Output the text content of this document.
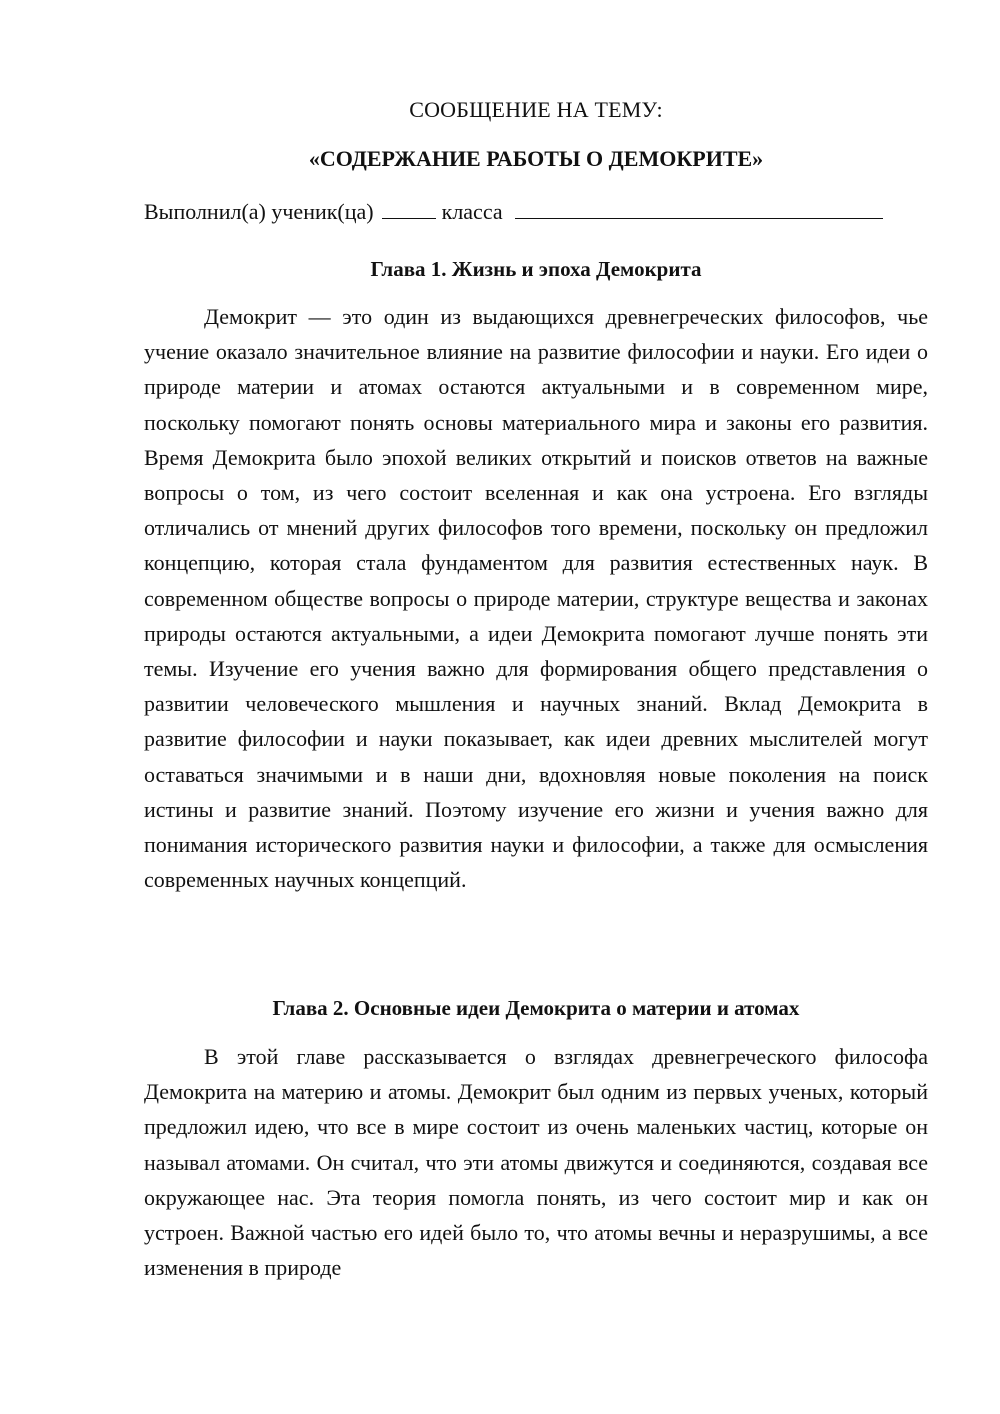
СООБЩЕНИЕ НА ТЕМУ:
«СОДЕРЖАНИЕ РАБОТЫ О ДЕМОКРИТЕ»
Выполнил(а) ученик(ца)	класса
Глава 1. Жизнь и эпоха Демокрита
Демокрит — это один из выдающихся древнегреческих философов, чье учение оказало значительное влияние на развитие философии и науки. Его идеи о природе материи и атомах остаются актуальными и в современном мире, поскольку помогают понять основы материального мира и законы его развития. Время Демокрита было эпохой великих открытий и поисков ответов на важные вопросы о том, из чего состоит вселенная и как она устроена. Его взгляды отличались от мнений других философов того времени, поскольку он предложил концепцию, которая стала фундаментом для развития естественных наук. В современном обществе вопросы о природе материи, структуре вещества и законах природы остаются актуальными, а идеи Демокрита помогают лучше понять эти темы. Изучение его учения важно для формирования общего представления о развитии человеческого мышления и научных знаний. Вклад Демокрита в развитие философии и науки показывает, как идеи древних мыслителей могут оставаться значимыми и в наши дни, вдохновляя новые поколения на поиск истины и развитие знаний. Поэтому изучение его жизни и учения важно для понимания исторического развития науки и философии, а также для осмысления современных научных концепций.
Глава 2. Основные идеи Демокрита о материи и атомах
В этой главе рассказывается о взглядах древнегреческого философа Демокрита на материю и атомы. Демокрит был одним из первых ученых, который предложил идею, что все в мире состоит из очень маленьких частиц, которые он называл атомами. Он считал, что эти атомы движутся и соединяются, создавая все окружающее нас. Эта теория помогла понять, из чего состоит мир и как он устроен. Важной частью его идей было то, что атомы вечны и неразрушимы, а все изменения в природе
